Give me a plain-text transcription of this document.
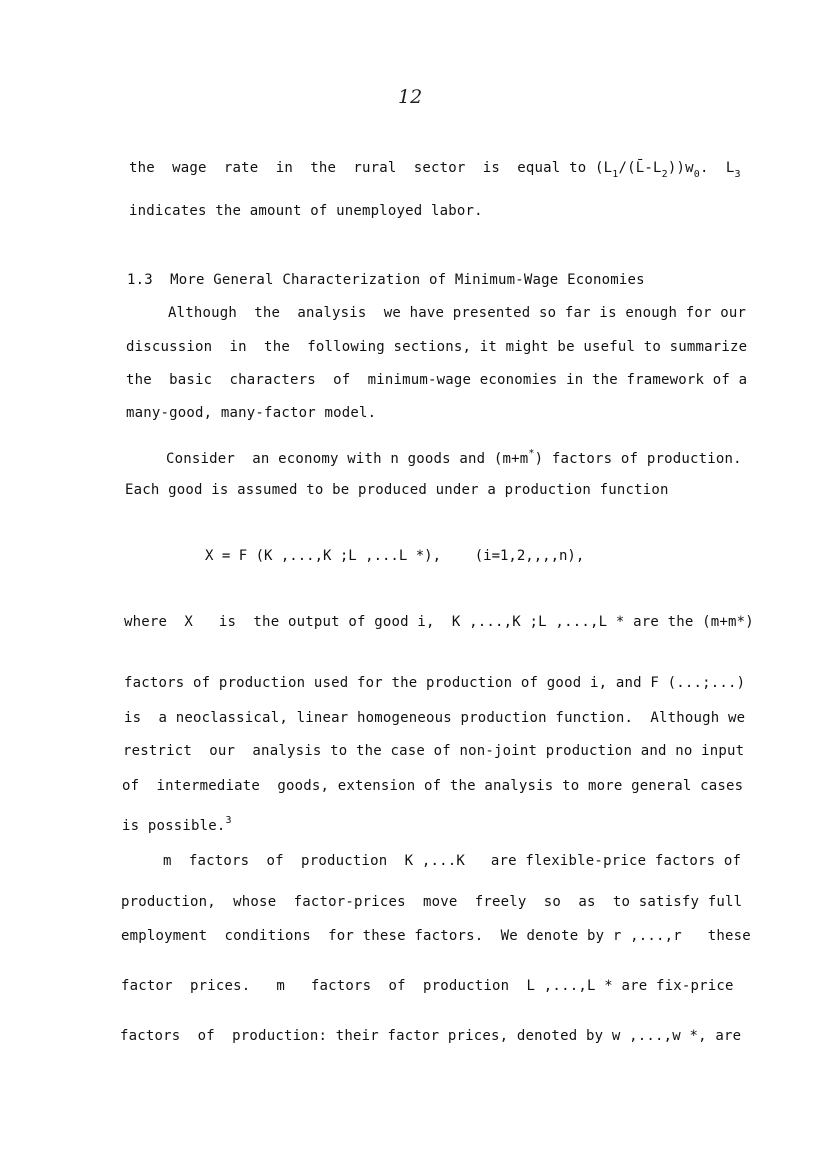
12
the  wage  rate  in  the  rural  sector  is  equal to $(L_1/(L̄-L_2))w_0$.  $L_3$
indicates the amount of unemployed labor.
1.3  More General Characterization of Minimum-Wage Economies
Although  the  analysis  we have presented so far is enough for our
discussion  in  the  following sections, it might be useful to summarize
the  basic  characters  of  minimum-wage economies in the framework of a
many-good, many-factor model.
Consider  an economy with n goods and (m+m*) factors of production.
Each good is assumed to be produced under a production function
X = F (K ,...,K ;L ,...L *),    (i=1,2,,,,n),
where  X   is  the output of good i,  K ,...,K ;L ,...,L * are the (m+m*)
factors of production used for the production of good i, and F (...;...)
is  a neoclassical, linear homogeneous production function.  Although we
restrict  our  analysis to the case of non-joint production and no input
of  intermediate  goods, extension of the analysis to more general cases
is possible.$^3$
m  factors  of  production  K ,...K   are flexible-price factors of
production,  whose  factor-prices  move  freely  so  as  to satisfy full
employment  conditions  for these factors.  We denote by r ,...,r   these
factor  prices.   m   factors  of  production  L ,...,L * are fix-price
factors  of  production: their factor prices, denoted by w ,...,w *, are
